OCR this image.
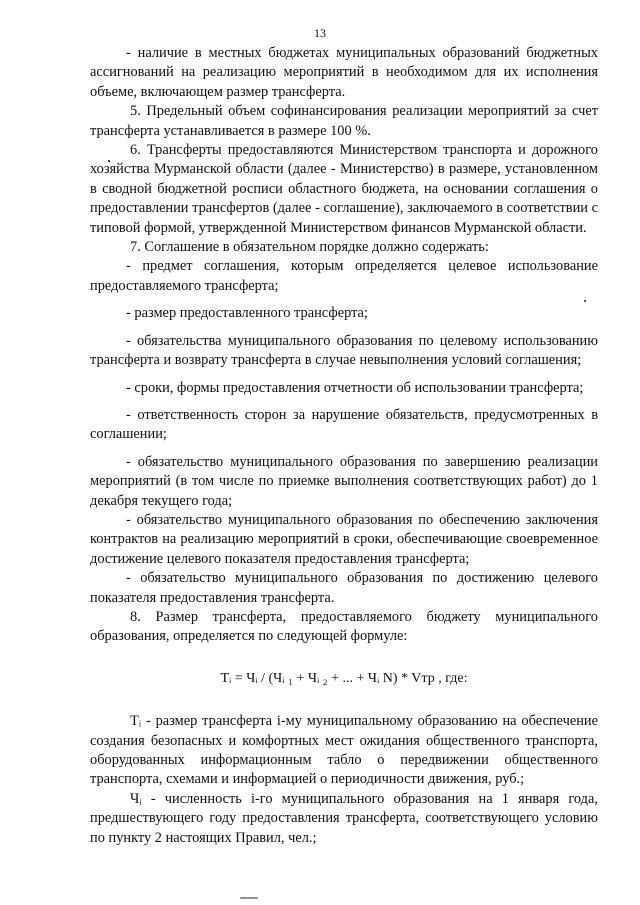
13

- наличие в местных бюджетах муниципальных образований бюджетных ассигнований на реализацию мероприятий в необходимом для их исполнения объеме, включающем размер трансферта.

5. Предельный объем софинансирования реализации мероприятий за счет трансферта устанавливается в размере 100 %.

6. Трансферты предоставляются Министерством транспорта и дорожного хозяйства Мурманской области (далее - Министерство) в размере, установленном в сводной бюджетной росписи областного бюджета, на основании соглашения о предоставлении трансфертов (далее - соглашение), заключаемого в соответствии с типовой формой, утвержденной Министерством финансов Мурманской области.

7. Соглашение в обязательном порядке должно содержать:

- предмет соглашения, которым определяется целевое использование предоставляемого трансферта;

- размер предоставленного трансферта;

- обязательства муниципального образования по целевому использованию трансферта и возврату трансферта в случае невыполнения условий соглашения;

- сроки, формы предоставления отчетности об использовании трансферта;

- ответственность сторон за нарушение обязательств, предусмотренных в соглашении;

- обязательство муниципального образования по завершению реализации мероприятий (в том числе по приемке выполнения соответствующих работ) до 1 декабря текущего года;

- обязательство муниципального образования по обеспечению заключения контрактов на реализацию мероприятий в сроки, обеспечивающие своевременное достижение целевого показателя предоставления трансферта;

- обязательство муниципального образования по достижению целевого показателя предоставления трансферта.

8. Размер трансферта, предоставляемого бюджету муниципального образования, определяется по следующей формуле:

Tᵢ = Чᵢ / (Чᵢ ₁ + Чᵢ ₂ + ... + Чᵢ N) * Vтр , где:

Tᵢ - размер трансферта i-му муниципальному образованию на обеспечение создания безопасных и комфортных мест ожидания общественного транспорта, оборудованных информационным табло о передвижении общественного транспорта, схемами и информацией о периодичности движения, руб.;

Чᵢ - численность i-го муниципального образования на 1 января года, предшествующего году предоставления трансферта, соответствующего условию по пункту 2 настоящих Правил, чел.;
